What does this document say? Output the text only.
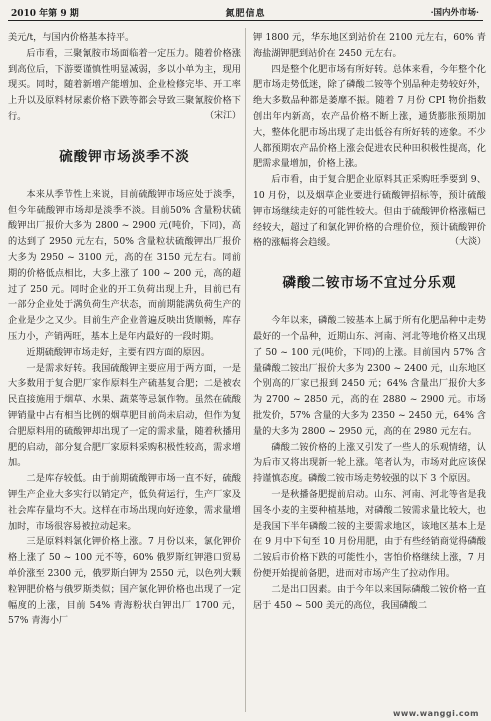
2010 年第 9 期	氮肥信息	·国内外市场·

美元/t，与国内价格基本持平。

后市看，三聚氰胺市场面临着一定压力。随着价格涨到高位后，下游要谨慎性明显减弱，多以小单为主，现用现买。同时，随着新增产能增加、企业检修完毕、开工率上升以及原料材尿素价格下跌等都会导致三聚氰胺价格下行。	（宋江）

硫酸钾市场淡季不淡

本来从季节性上来说，目前硫酸钾市场应处于淡季，但今年硫酸钾市场却是淡季不淡。目前50% 含量粉状硫酸钾出厂报价大多为 2800 ~ 2900 元(吨价，下同)，高的达到了 2950 元左右，50% 含量粒状硫酸钾出厂报价大多为 2950 ~ 3100 元，高的在 3150 元左右。同前期的价格低点相比，大多上涨了 100 ~ 200 元，高的超过了 250 元。同时企业的开工负荷出现上升，目前已有一部分企业处于满负荷生产状态，而前期能满负荷生产的企业是少之又少。目前生产企业普遍反映出货顺畅，库存压力小，产销两旺，基本上是年内最好的一段时期。

近期硫酸钾市场走好，主要有四方面的原因。

一是需求好转。我国硫酸钾主要应用于两方面，一是大多数用于复合肥厂家作原料生产硫基复合肥；二是被农民直接施用于烟草、水果、蔬菜等忌氯作物。虽然在硫酸钾销量中占有相当比例的烟草肥目前尚未启动，但作为复合肥原料用的硫酸钾却出现了一定的需求量，随着秋播用肥的启动，部分复合肥厂家原料采购积极性较高，需求增加。

二是库存较低。由于前期硫酸钾市场一直不好，硫酸钾生产企业大多实行以销定产，低负荷运行，生产厂家及社会库存量均不大。这样在市场出现向好迹象，需求量增加时，市场很容易被拉动起来。

三是原料料氯化钾价格上涨。7 月份以来，氯化钾价格上涨了 50 ~ 100 元不等，60% 俄罗斯红钾港口贸易单价涨至 2300 元，俄罗斯白钾为 2550 元，以色列大颗粒钾肥价格与俄罗斯类似；国产氯化钾价格也出现了一定幅度的上涨，目前 54% 青海粉状白钾出厂 1700 元，57% 青海小厂

钾 1800 元，华东地区到站价在 2100 元左右，60% 青海盐湖钾肥到站价在 2450 元左右。

四是整个化肥市场有所好转。总体来看，今年整个化肥市场走势低迷，除了磷酸二铵等个别品种走势较好外，绝大多数品种都是萎靡不振。随着 7 月份 CPI 物价指数创出年内新高，农产品价格不断上涨，通货膨胀预期加大，整体化肥市场出现了走出低谷有所好转的迹象。不少人都预期农产品价格上涨会促进农民种田积极性提高，化肥需求量增加，价格上涨。

后市看，由于复合肥企业原料其正采购旺季要到 9、10 月份，以及烟草企业要进行硫酸钾招标等，预计硫酸钾市场继续走好的可能性较大。但由于硫酸钾价格涨幅已经较大，超过了和氯化钾价格的合理价位，预计硫酸钾价格的涨幅将会趋缓。	（大淡）

磷酸二铵市场不宜过分乐观

今年以来，磷酸二铵基本上属于所有化肥品种中走势最好的一个品种，近期山东、河南、河北等地价格又出现了 50 ~ 100 元(吨价，下同)的上涨。目前国内 57% 含量磷酸二铵出厂报价大多为 2300 ~ 2400 元，山东地区个别高的厂家已报到 2450 元；64% 含量出厂报价大多为 2700 ~ 2850 元，高的在 2880 ~ 2900 元。市场批发价，57% 含量的大多为 2350 ~ 2450 元，64% 含量的大多为 2800 ~ 2950 元，高的在 2980 元左右。

磷酸二铵价格的上涨又引发了一些人的乐观情绪，认为后市又将出现新一轮上涨。笔者认为，市场对此应该保持谨慎态度。磷酸二铵市场走势较强的以下 3 个原因。

一是秋播备肥提前启动。山东、河南、河北等省是我国冬小麦的主要种植基地，对磷酸二铵需求量比较大，也是我国下半年磷酸二铵的主要需求地区，该地区基本上是在 9 月中下旬至 10 月份用肥，由于有些经销商觉得磷酸二铵后市价格下跌的可能性小，害怕价格继续上涨，7 月份便开始提前备肥，进而对市场产生了拉动作用。

二是出口因素。由于今年以来国际磷酸二铵价格一直居于 450 ~ 500 美元的高位，我国磷酸二

www.wanggi.com
